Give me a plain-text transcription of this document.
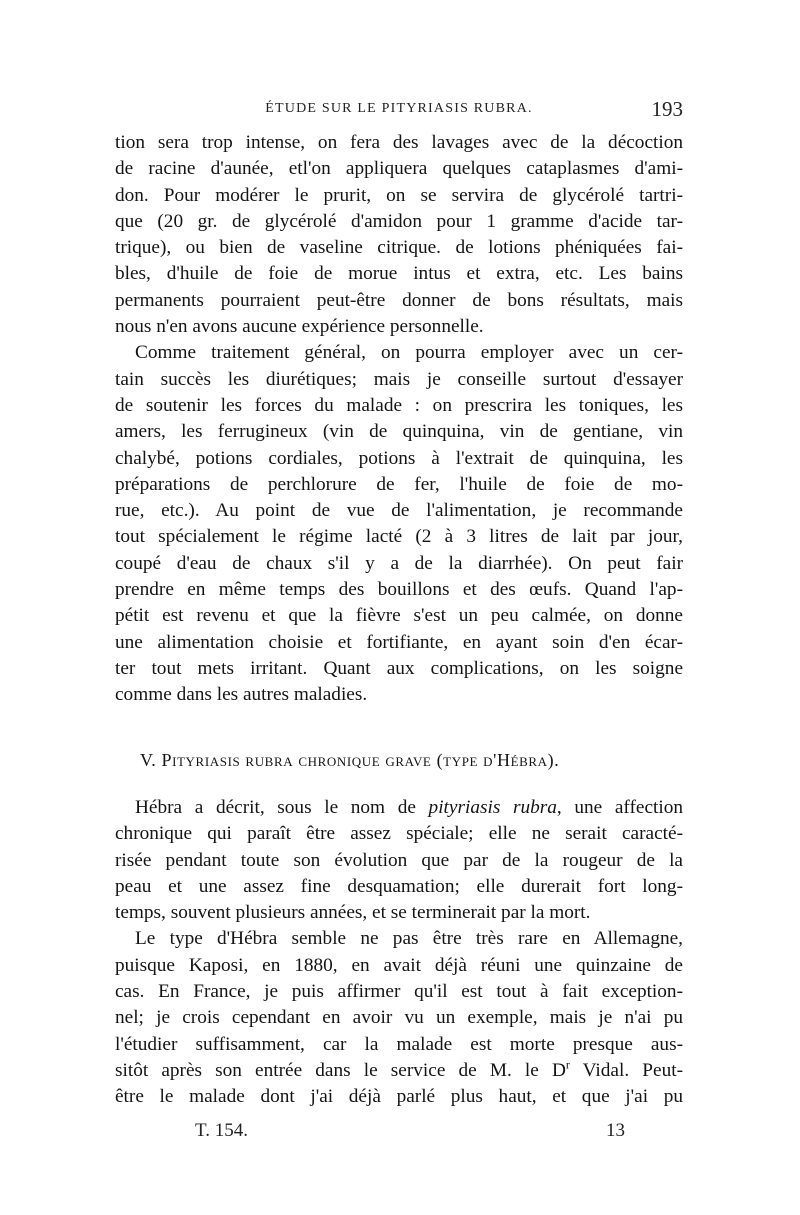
ÉTUDE SUR LE PITYRIASIS RUBRA.	193
tion sera trop intense, on fera des lavages avec de la décoction
de racine d'aunée, etl'on appliquera quelques cataplasmes d'ami-
don. Pour modérer le prurit, on se servira de glycérolé tartri-
que (20 gr. de glycérolé d'amidon pour 1 gramme d'acide tar-
trique), ou bien de vaseline citrique. de lotions phéniquées fai-
bles, d'huile de foie de morue intus et extra, etc. Les bains
permanents pourraient peut-être donner de bons résultats, mais
nous n'en avons aucune expérience personnelle.
Comme traitement général, on pourra employer avec un cer-
tain succès les diurétiques; mais je conseille surtout d'essayer
de soutenir les forces du malade : on prescrira les toniques, les
amers, les ferrugineux (vin de quinquina, vin de gentiane, vin
chalybé, potions cordiales, potions à l'extrait de quinquina, les
préparations de perchlorure de fer, l'huile de foie de mo-
rue, etc.). Au point de vue de l'alimentation, je recommande
tout spécialement le régime lacté (2 à 3 litres de lait par jour,
coupé d'eau de chaux s'il y a de la diarrhée). On peut fair
prendre en même temps des bouillons et des œufs. Quand l'ap-
pétit est revenu et que la fièvre s'est un peu calmée, on donne
une alimentation choisie et fortifiante, en ayant soin d'en écar-
ter tout mets irritant. Quant aux complications, on les soigne
comme dans les autres maladies.
V. Pityriasis rubra chronique grave (type d'Hébra).
Hébra a décrit, sous le nom de pityriasis rubra, une affection
chronique qui paraît être assez spéciale; elle ne serait caracté-
risée pendant toute son évolution que par de la rougeur de la
peau et une assez fine desquamation; elle durerait fort long-
temps, souvent plusieurs années, et se terminerait par la mort.
Le type d'Hébra semble ne pas être très rare en Allemagne,
puisque Kaposi, en 1880, en avait déjà réuni une quinzaine de
cas. En France, je puis affirmer qu'il est tout à fait exception-
nel; je crois cependant en avoir vu un exemple, mais je n'ai pu
l'étudier suffisamment, car la malade est morte presque aus-
sitôt après son entrée dans le service de M. le $D^r$ Vidal. Peut-
être le malade dont j'ai déjà parlé plus haut, et que j'ai pu
T. 154.	13
